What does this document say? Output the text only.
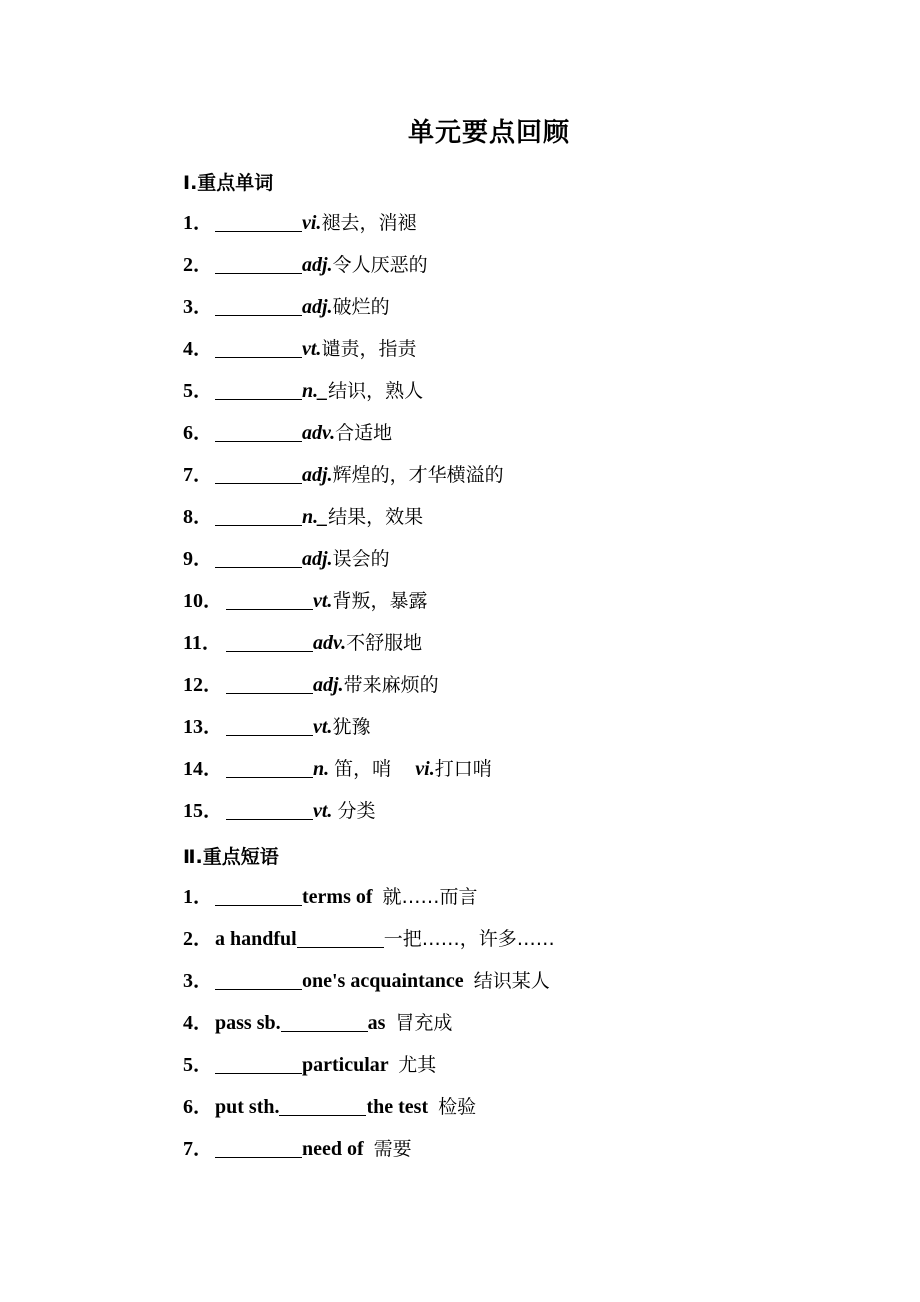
单元要点回顾
Ⅰ.重点单词
1．	vi.褪去，消褪
2．	adj.令人厌恶的
3．	adj.破烂的
4．	vt.谴责，指责
5．	n._结识，熟人
6．	adv.合适地
7．	adj.辉煌的，才华横溢的
8．	n._结果，效果
9．	adj.误会的
10．	vt.背叛，暴露
11．	adv.不舒服地
12．	adj.带来麻烦的
13．	vt.犹豫
14．	n. 笛，哨    vi.打口哨
15．	vt. 分类
Ⅱ.重点短语
1．	terms of  就……而言
2． a handful	一把……，许多……
3．	one's acquaintance  结识某人
4． pass sb.	as  冒充成
5．	particular  尤其
6． put sth.	the test  检验
7．	need of  需要
